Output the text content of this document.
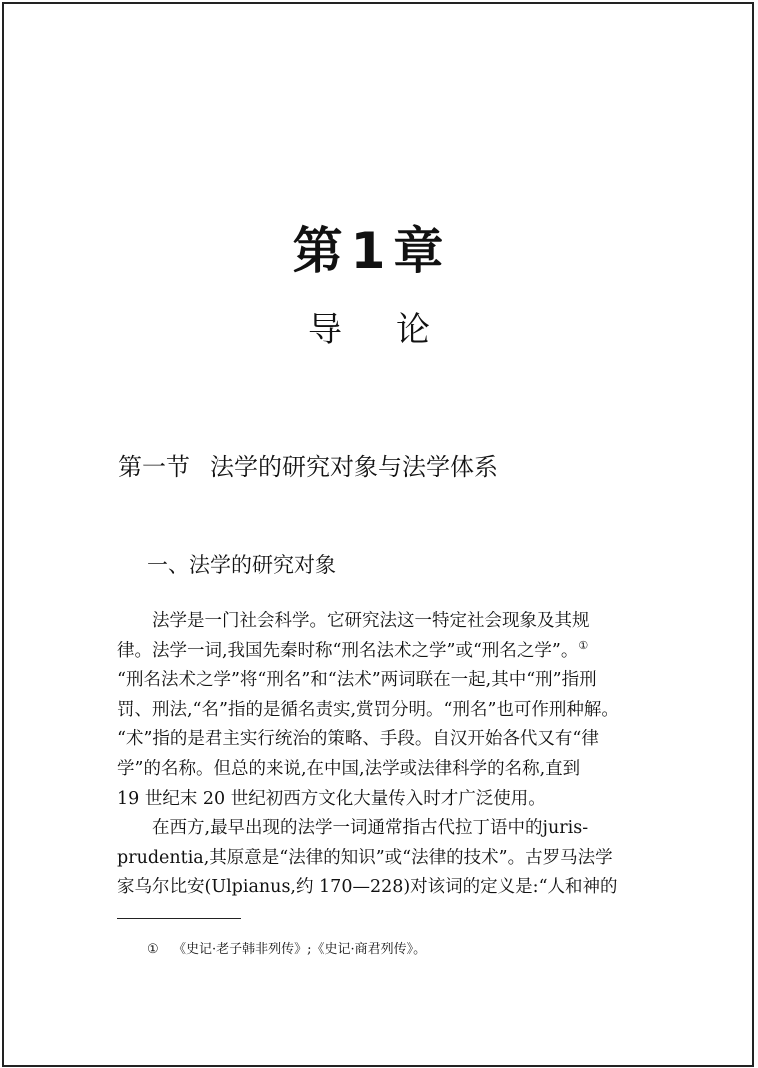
第1章
导论
第一节 法学的研究对象与法学体系
一、法学的研究对象
法学是一门社会科学。它研究法这一特定社会现象及其规
律。法学一词,我国先秦时称“刑名法术之学”或“刑名之学”。①
“刑名法术之学”将“刑名”和“法术”两词联在一起,其中“刑”指刑
罚、刑法,“名”指的是循名责实,赏罚分明。“刑名”也可作刑种解。
“术”指的是君主实行统治的策略、手段。自汉开始各代又有“律
学”的名称。但总的来说,在中国,法学或法律科学的名称,直到
19 世纪末 20 世纪初西方文化大量传入时才广泛使用。
在西方,最早出现的法学一词通常指古代拉丁语中的juris-
prudentia,其原意是“法律的知识”或“法律的技术”。古罗马法学
家乌尔比安(Ulpianus,约 170—228)对该词的定义是:“人和神的
① 《史记·老子韩非列传》;《史记·商君列传》。
